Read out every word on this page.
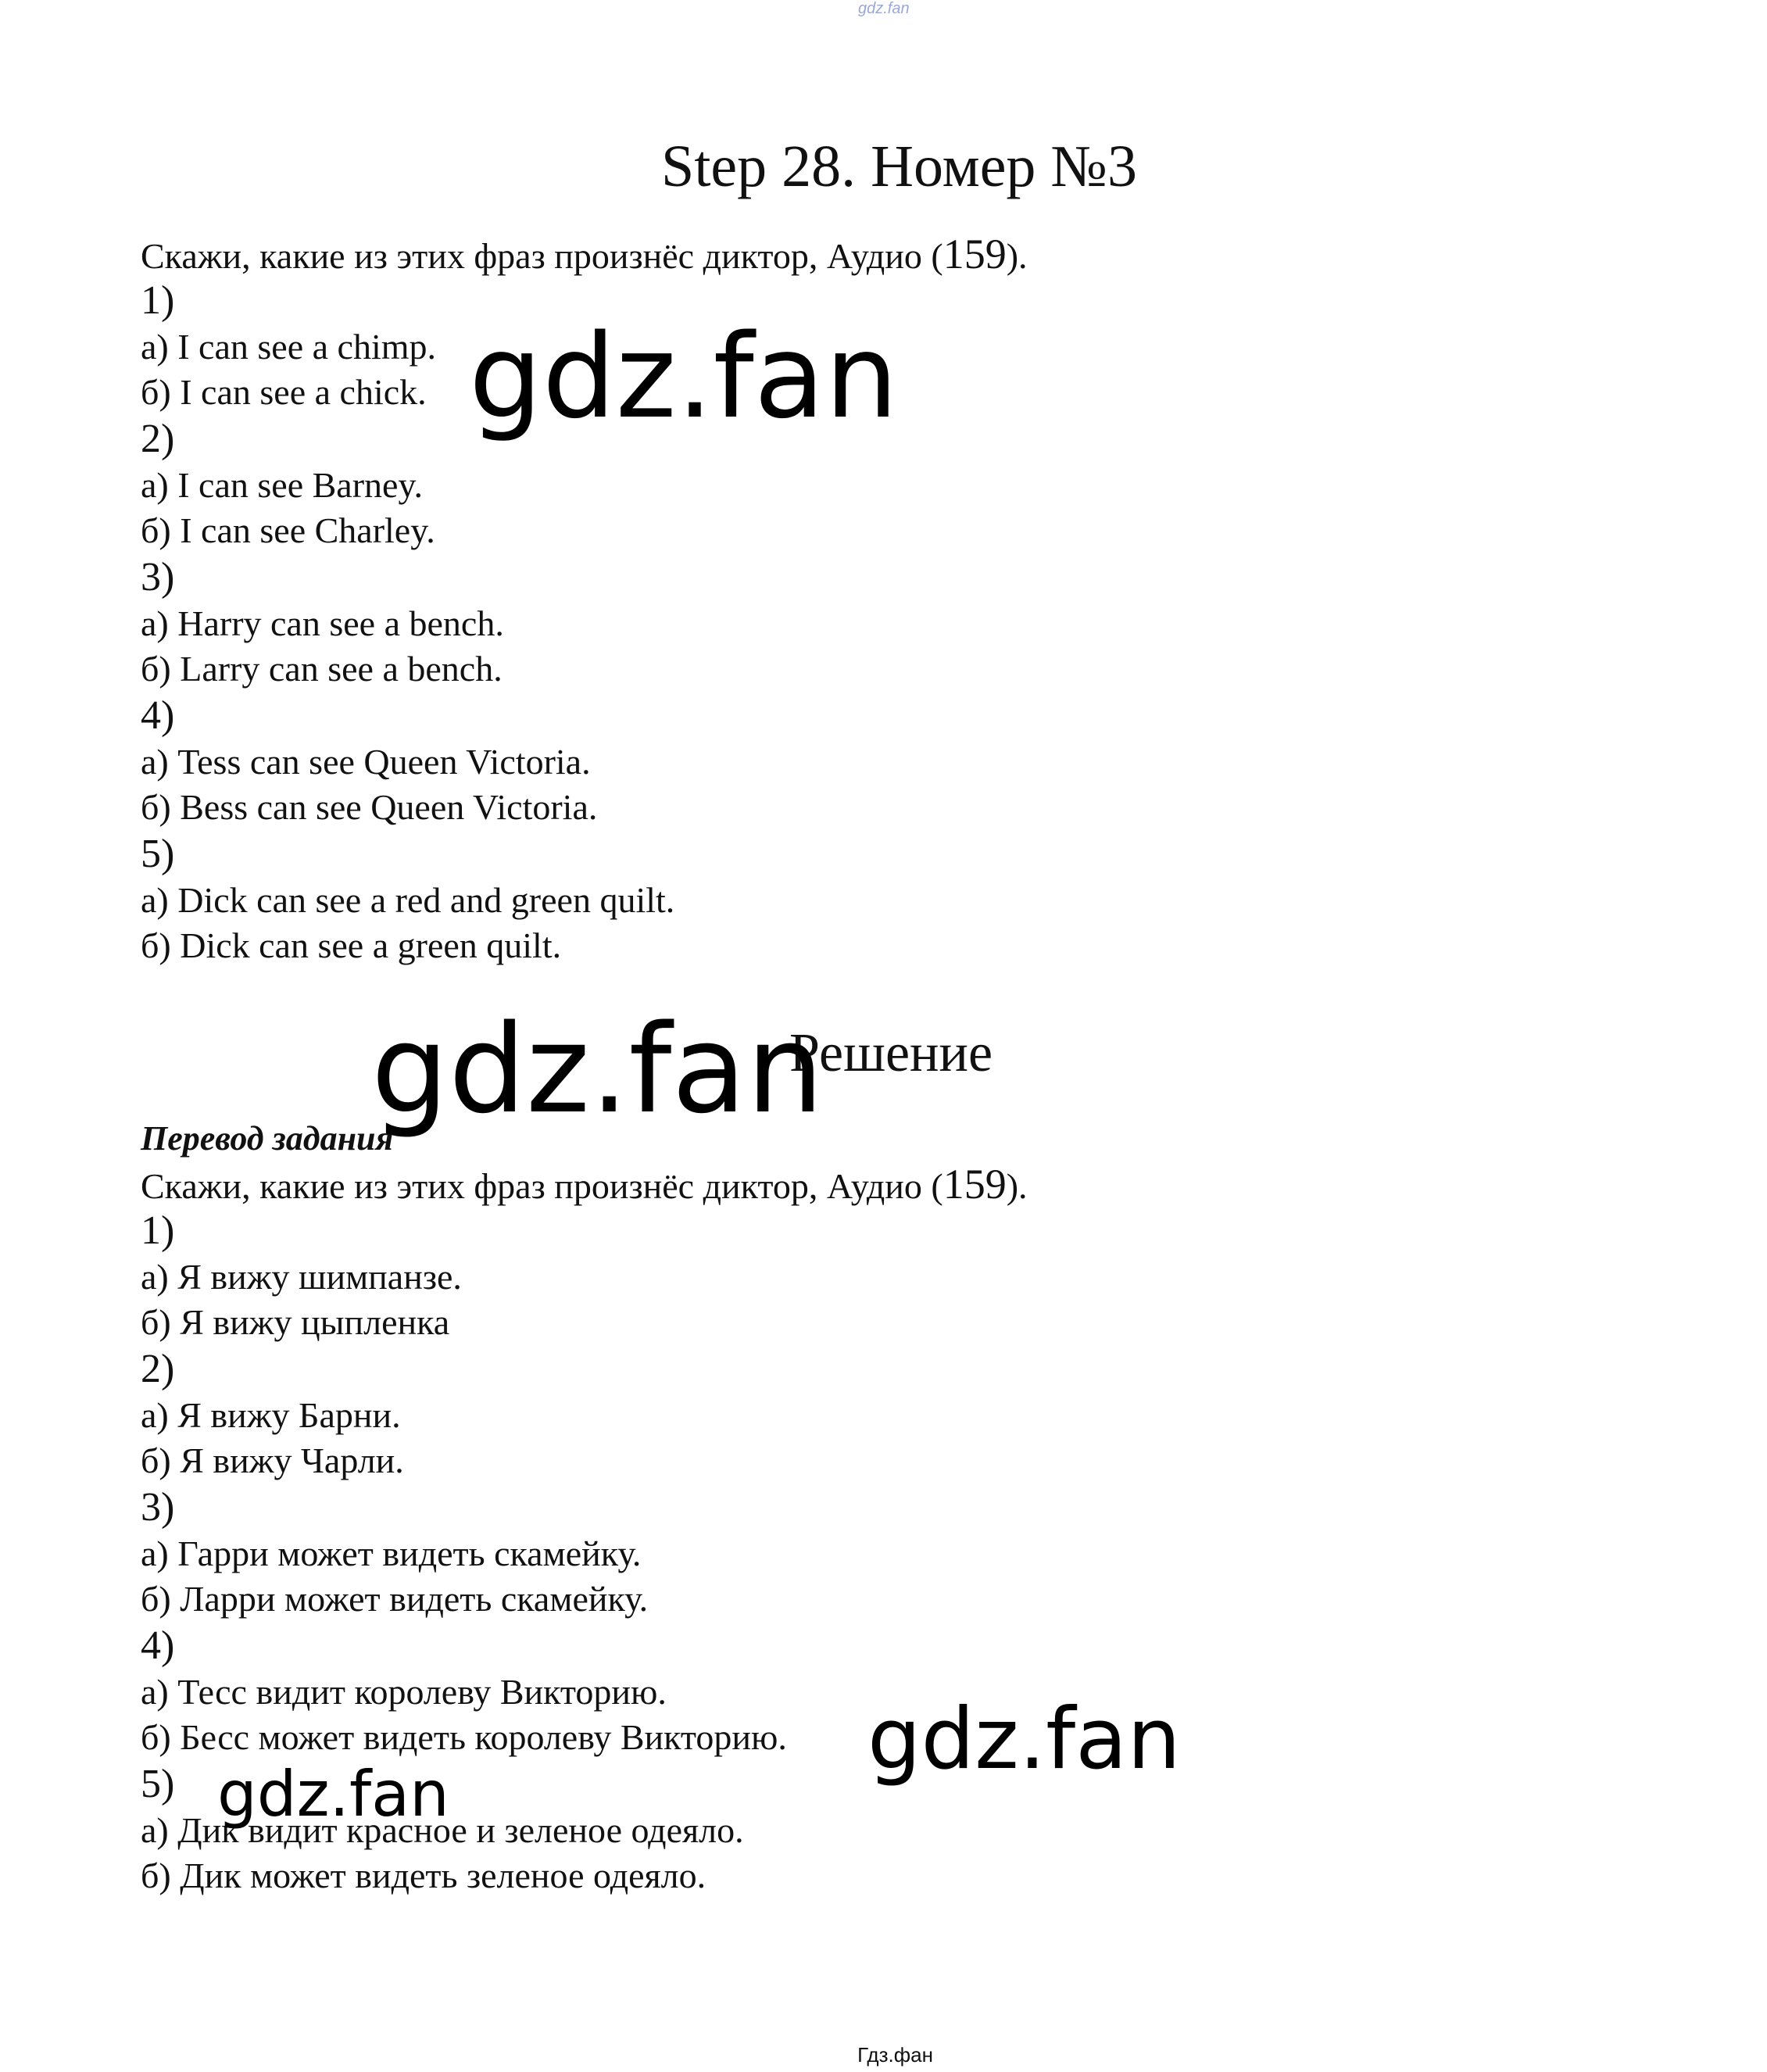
gdz.fan
Step 28. Номер №3
Скажи, какие из этих фраз произнёс диктор, Аудио (159).
1)
а) I can see a chimp.
б) I can see a chick.
2)
а) I can see Barney.
б) I can see Charley.
3)
а) Harry can see a bench.
б) Larry can see a bench.
4)
а) Tess can see Queen Victoria.
б) Bess can see Queen Victoria.
5)
а) Dick can see a red and green quilt.
б) Dick can see a green quilt.
Решение
Перевод задания
Скажи, какие из этих фраз произнёс диктор, Аудио (159).
1)
а) Я вижу шимпанзе.
б) Я вижу цыпленка
2)
а) Я вижу Барни.
б) Я вижу Чарли.
3)
а) Гарри может видеть скамейку.
б) Ларри может видеть скамейку.
4)
а) Тесс видит королеву Викторию.
б) Бесс может видеть королеву Викторию.
5)
а) Дик видит красное и зеленое одеяло.
б) Дик может видеть зеленое одеяло.
gdz.fan
gdz.fan
gdz.fan
gdz.fan
Гдз.фан
